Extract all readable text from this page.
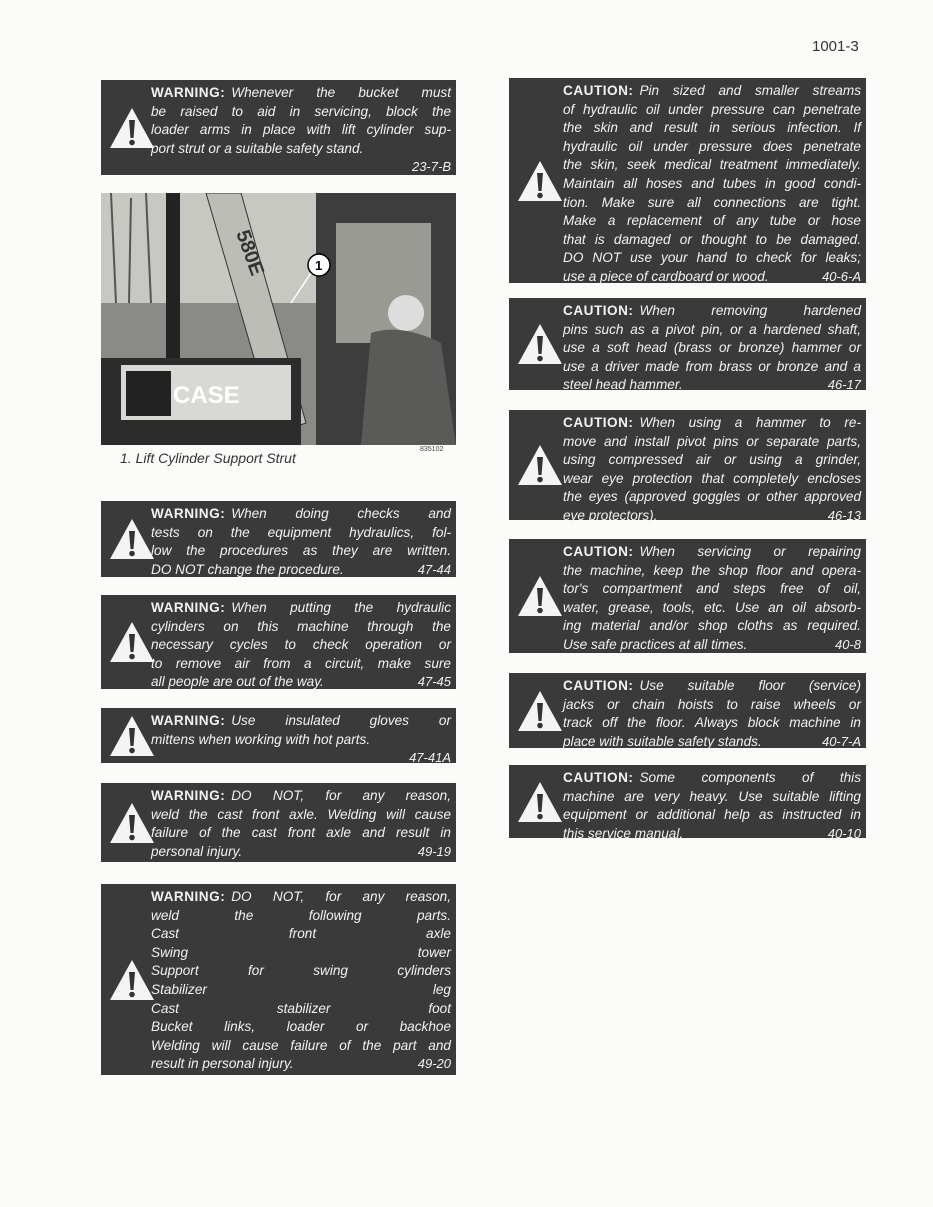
1001-3
CASE
580E	1
835102
1. Lift Cylinder Support Strut
WARNING: Whenever the bucket must
be raised to aid in servicing, block the
loader arms in place with lift cylinder sup-
port strut or a suitable safety stand.
23-7-B
WARNING: When doing checks and
tests on the equipment hydraulics, fol-
low the procedures as they are written.
DO NOT change the procedure.	47-44
WARNING: When putting the hydraulic
cylinders on this machine through the
necessary cycles to check operation or
to remove air from a circuit, make sure
all people are out of the way.	47-45
WARNING: Use insulated gloves or
mittens when working with hot parts.
47-41A
WARNING: DO NOT, for any reason,
weld the cast front axle. Welding will cause
failure of the cast front axle and result in
personal injury.	49-19
WARNING: DO NOT, for any reason,
weld the following parts.
Cast front axle
Swing tower
Support for swing cylinders
Stabilizer leg
Cast stabilizer foot
Bucket links, loader or backhoe
Welding will cause failure of the part and
result in personal injury.	49-20
CAUTION: Pin sized and smaller streams
of hydraulic oil under pressure can penetrate
the skin and result in serious infection. If
hydraulic oil under pressure does penetrate
the skin, seek medical treatment immediately.
Maintain all hoses and tubes in good condi-
tion. Make sure all connections are tight.
Make a replacement of any tube or hose
that is damaged or thought to be damaged.
DO NOT use your hand to check for leaks;
use a piece of cardboard or wood.	40-6-A
CAUTION: When removing hardened
pins such as a pivot pin, or a hardened shaft,
use a soft head (brass or bronze) hammer or
use a driver made from brass or bronze and a
steel head hammer.	46-17
CAUTION: When using a hammer to re-
move and install pivot pins or separate parts,
using compressed air or using a grinder,
wear eye protection that completely encloses
the eyes (approved goggles or other approved
eye protectors).	46-13
CAUTION: When servicing or repairing
the machine, keep the shop floor and opera-
tor's compartment and steps free of oil,
water, grease, tools, etc. Use an oil absorb-
ing material and/or shop cloths as required.
Use safe practices at all times.	40-8
CAUTION: Use suitable floor (service)
jacks or chain hoists to raise wheels or
track off the floor. Always block machine in
place with suitable safety stands.	40-7-A
CAUTION: Some components of this
machine are very heavy. Use suitable lifting
equipment or additional help as instructed in
this service manual.	40-10
